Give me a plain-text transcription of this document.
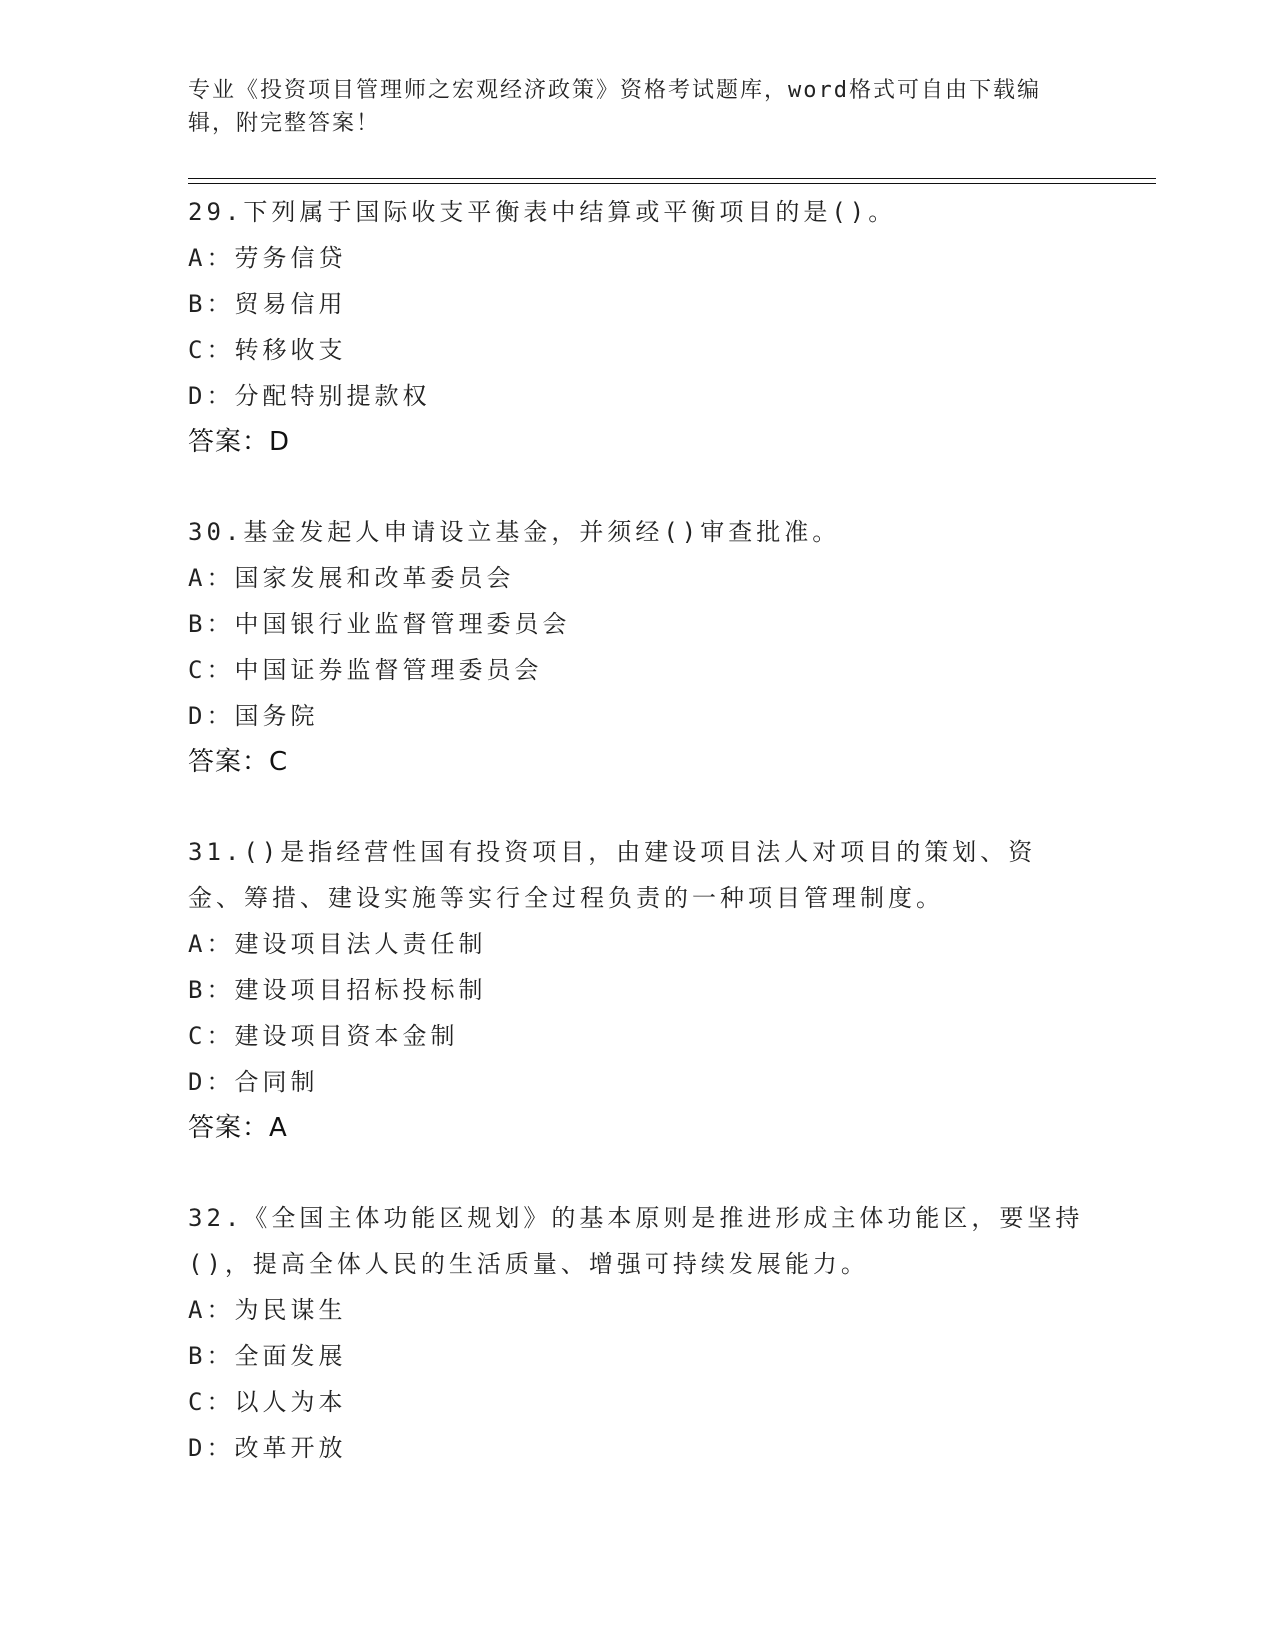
专业《投资项目管理师之宏观经济政策》资格考试题库，word格式可自由下载编辑，附完整答案！

29.下列属于国际收支平衡表中结算或平衡项目的是()。

A：劳务信贷

B：贸易信用

C：转移收支

D：分配特别提款权

答案：D

30.基金发起人申请设立基金，并须经()审查批准。

A：国家发展和改革委员会

B：中国银行业监督管理委员会

C：中国证券监督管理委员会

D：国务院

答案：C

31.()是指经营性国有投资项目，由建设项目法人对项目的策划、资金、筹措、建设实施等实行全过程负责的一种项目管理制度。

A：建设项目法人责任制

B：建设项目招标投标制

C：建设项目资本金制

D：合同制

答案：A

32.《全国主体功能区规划》的基本原则是推进形成主体功能区，要坚持()，提高全体人民的生活质量、增强可持续发展能力。

A：为民谋生

B：全面发展

C：以人为本

D：改革开放
